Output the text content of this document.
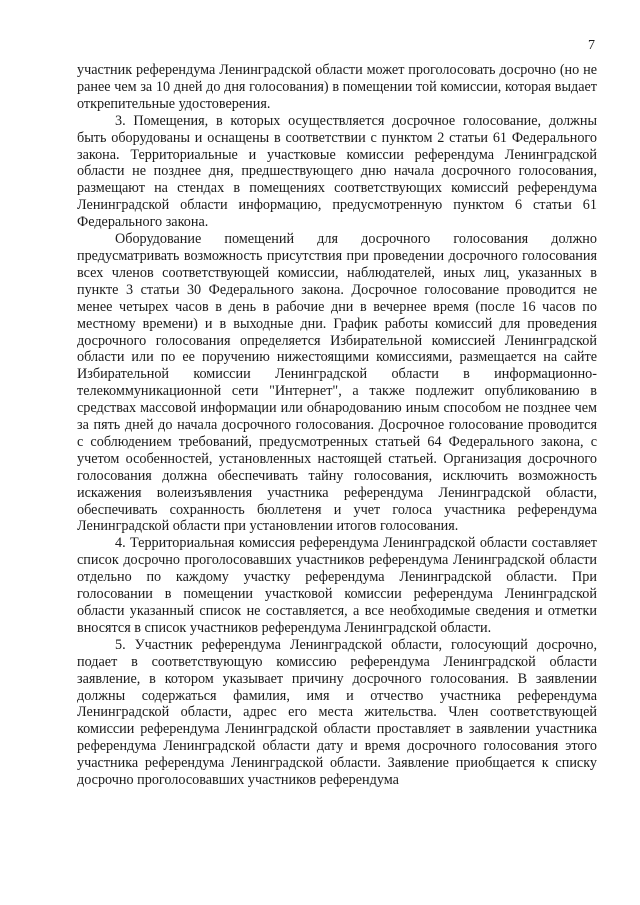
7

участник референдума Ленинградской области может проголосовать досрочно (но не ранее чем за 10 дней до дня голосования) в помещении той комиссии, которая выдает открепительные удостоверения.

3. Помещения, в которых осуществляется досрочное голосование, должны быть оборудованы и оснащены в соответствии с пунктом 2 статьи 61 Федерального закона. Территориальные и участковые комиссии референдума Ленинградской области не позднее дня, предшествующего дню начала досрочного голосования, размещают на стендах в помещениях соответствующих комиссий референдума Ленинградской области информацию, предусмотренную пунктом 6 статьи 61 Федерального закона.

Оборудование помещений для досрочного голосования должно предусматривать возможность присутствия при проведении досрочного голосования всех членов соответствующей комиссии, наблюдателей, иных лиц, указанных в пункте 3 статьи 30 Федерального закона. Досрочное голосование проводится не менее четырех часов в день в рабочие дни в вечернее время (после 16 часов по местному времени) и в выходные дни. График работы комиссий для проведения досрочного голосования определяется Избирательной комиссией Ленинградской области или по ее поручению нижестоящими комиссиями, размещается на сайте Избирательной комиссии Ленинградской области в информационно-телекоммуникационной сети "Интернет", а также подлежит опубликованию в средствах массовой информации или обнародованию иным способом не позднее чем за пять дней до начала досрочного голосования. Досрочное голосование проводится с соблюдением требований, предусмотренных статьей 64 Федерального закона, с учетом особенностей, установленных настоящей статьей. Организация досрочного голосования должна обеспечивать тайну голосования, исключить возможность искажения волеизъявления участника референдума Ленинградской области, обеспечивать сохранность бюллетеня и учет голоса участника референдума Ленинградской области при установлении итогов голосования.

4. Территориальная комиссия референдума Ленинградской области составляет список досрочно проголосовавших участников референдума Ленинградской области отдельно по каждому участку референдума Ленинградской области. При голосовании в помещении участковой комиссии референдума Ленинградской области указанный список не составляется, а все необходимые сведения и отметки вносятся в список участников референдума Ленинградской области.

5. Участник референдума Ленинградской области, голосующий досрочно, подает в соответствующую комиссию референдума Ленинградской области заявление, в котором указывает причину досрочного голосования. В заявлении должны содержаться фамилия, имя и отчество участника референдума Ленинградской области, адрес его места жительства. Член соответствующей комиссии референдума Ленинградской области проставляет в заявлении участника референдума Ленинградской области дату и время досрочного голосования этого участника референдума Ленинградской области. Заявление приобщается к списку досрочно проголосовавших участников референдума
